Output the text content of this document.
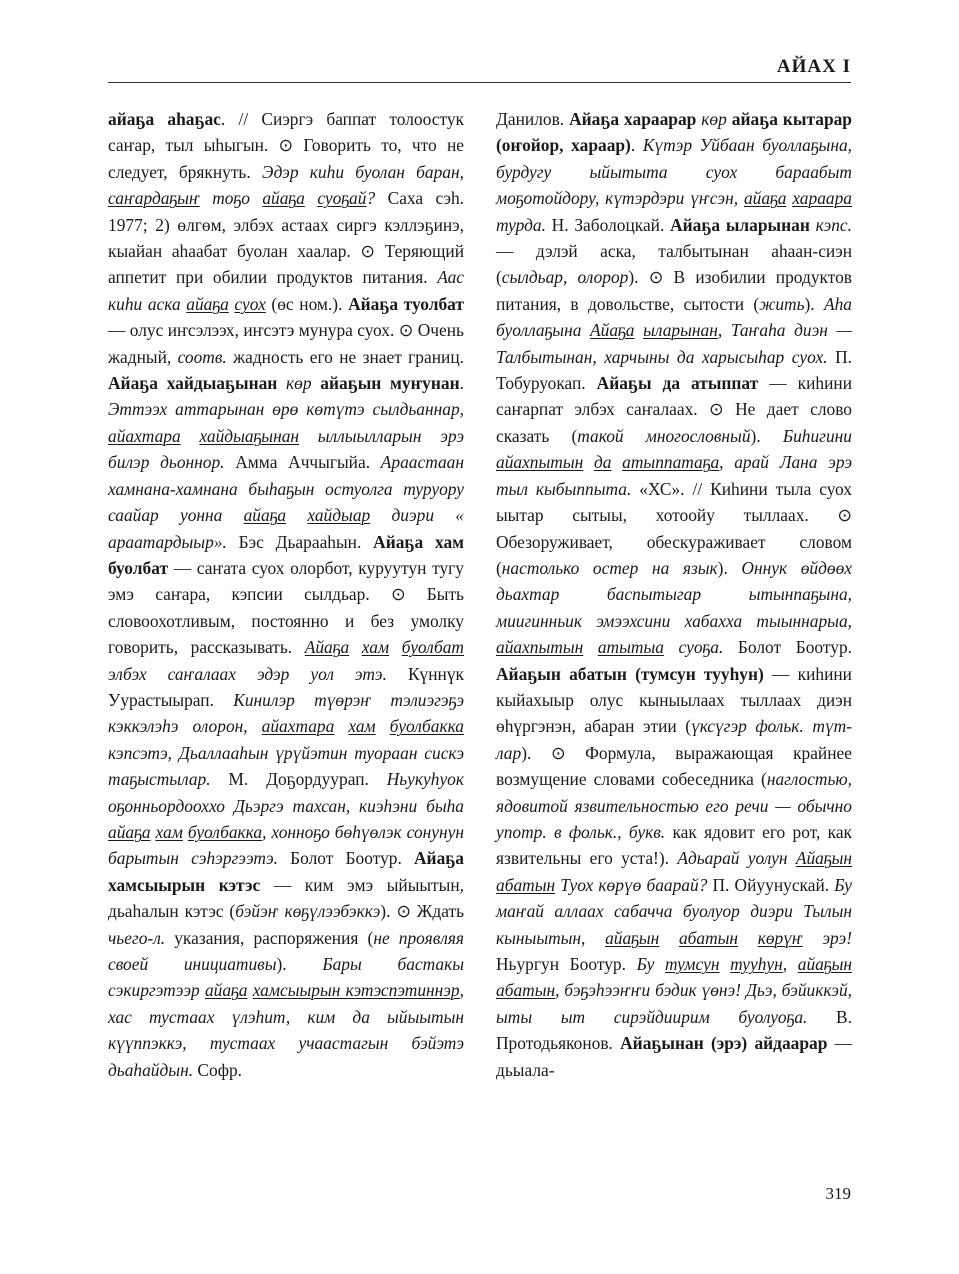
АЙАХ I

айаҕа аһаҕас. // Сиэргэ баппат толоостук саҥар, тыл ыһыгын. ⊙ Говорить то, что не следует, брякнуть. Эдэр киһи буолан баран, саҥардаҕыҥ тоҕо айаҕа суоҕай? Саха сэһ. 1977; 2) өлгөм, элбэх астаах сиргэ кэллэҕинэ, кыайан аһаабат буолан хаалар. ⊙ Теряющий аппетит при обилии продуктов питания. Аас киһи аска айаҕа суох (өс ном.). Айаҕа туолбат — олус иҥсэлээх, иҥсэтэ мунура суох. ⊙ Очень жадный, соотв. жадность его не знает границ. Айаҕа хайдыаҕынан көр айаҕын муҥунан. Эттээх аттарынан өрө көтүтэ сылдьаннар, айахтара хайдыаҕынан ыллыылларын эрэ билэр дьонноp. Амма Аччыгыйа. Араастаан хамнана-хамнана быһаҕын остуолга туруору саайар уонна айаҕа хайдыар диэри « араатардыыр». Бэс Дьараaһын. Айаҕа хам буолбат — саҥата суох олорбот, куруутун тугу эмэ саҥара, кэпсии сылдьар. ⊙ Быть словоохотливым, постоянно и без умолку говорить, рассказывать. Айаҕа хам буолбат элбэх саҥалаах эдэр уол этэ. Күннүк Уурастыырап. Кинилэр түөрэҥ тэлиэгэҕэ кэккэлэһэ олорон, айахтара хам буолбакка кэпсэтэ, Дьаллааһын үрүйэтин туораан сискэ таҕыстылар. М. Доҕордуурап. Ньукуһуок оҕонньордооххо Дьэргэ тахсан, киэһэни быһа айаҕа хам буолбакка, хонноҕо бөһүөлэк сонунун барытын сэһэргээтэ. Болот Боотур. Айаҕа хамсыырын кэтэс — ким эмэ ыйыытын, дьаһалын кэтэс (бэйэҥ көҕүлээбэккэ). ⊙ Ждать чьего-л. указания, распоряжения (не проявляя своей инициативы). Бары бастакы сэкиргэтээр айаҕа хамсыырын кэтэспэтиннэр, хас тустаах үлэһит, ким да ыйыытын күүппэккэ, тустаах учаастагын бэйэтэ дьаһайдын. Софр.

Данилов. Айаҕа хараарар көр айаҕа кытарар (оҥойор, хараар). Күтэр Уйбаан буоллаҕына, бурдугу ыйытыта суох бараабыт моҕотойдору, күтэрдэри үҥсэн, айаҕа хараара турда. Н. Заболоцкай. Айаҕа ыларынан кэпс. — дэлэй аска, талбытынан аһаан-сиэн (сылдьар, олорор). ⊙ В изобилии продуктов питания, в довольстве, сытости (жить). Аһа буоллаҕына Айаҕа ыларынан, Таҥаһа диэн — Талбытынан, харчыны да харысыһар суох. П. Тобуруокап. Айаҕы да атыппат — киһини саҥарпат элбэх саҥалаах. ⊙ Не дает слово сказать (такой многословный). Биһигини айахпытын да атыппатаҕа, арай Лана эрэ тыл кыбыппыта. «ХС». // Киһини тыла суох ыытар сытыы, хотоойу тыллаах. ⊙ Обезоруживает, обескураживает словом (настолько остер на язык). Оннук өйдөөх дьахтар баспытыгар ытынnaҕына, миигинньик эмээхсини хабахха тыыннарыа, айахпытын атытыа суоҕа. Болот Боотур. Айаҕын абатын (тумсун тууһун) — киһини кыйахыыр олус кыныылаах тыллаах диэн өһүргэнэн, абаран этии (үксүгэр фольк. түт-лар). ⊙ Формула, выражающая крайнее возмущение словами собеседника (наглостью, ядовитой язвительностью его речи — обычно употр. в фольк., букв. как ядовит его рот, как язвительны его уста!). Адьарай уолун Айаҕын абатын Туох көрүө баарай? П. Ойуунускай. Бу маҥай аллаах сабачча буолуор диэри Тылын кыныытын, айаҕын абатын көрүҥ эрэ! Ньургун Боотур. Бу тумсун тууһун, айаҕын абатын, бэҕэһээҥҥи бэдик үөнэ! Дьэ, бэйиккэй, ыты ыт сирэйдиирим буолуоҕа. В. Протодьяконов. Айаҕынан (эрэ) айдаарар — дьыала-

319
